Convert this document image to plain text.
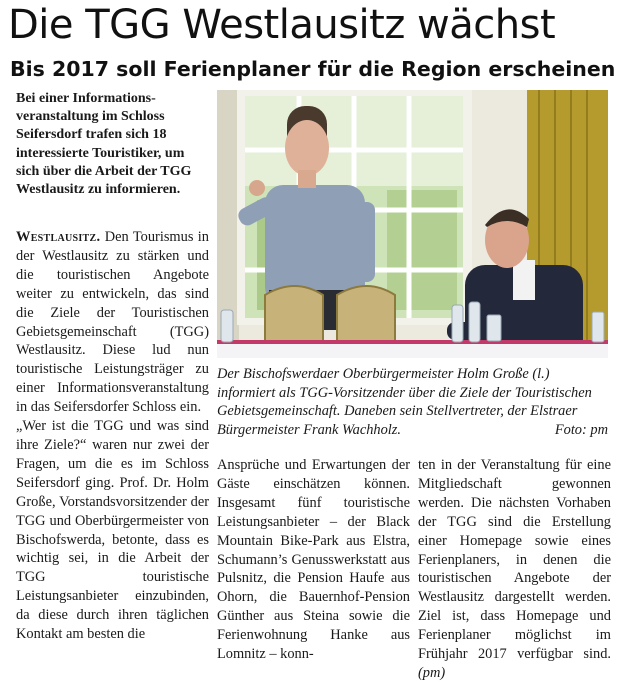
Die TGG Westlausitz wächst
Bis 2017 soll Ferienplaner für die Region erscheinen
Bei einer Informationsveranstaltung im Schloss Seifersdorf trafen sich 18 interessierte Touristiker, um sich über die Arbeit der TGG Westlausitz zu informieren.

Westlausitz. Den Tourismus in der Westlausitz zu stärken und die touristischen Angebote weiter zu entwickeln, das sind die Ziele der Touristischen Gebietsgemeinschaft (TGG) Westlausitz. Diese lud nun touristische Leistungsträger zu einer Informationsveranstaltung in das Seifersdorfer Schloss ein.

„Wer ist die TGG und was sind ihre Ziele?“ waren nur zwei der Fragen, um die es im Schloss Seifersdorf ging. Prof. Dr. Holm Große, Vorstandsvorsitzender der TGG und Oberbürgermeister von Bischofswerda, betonte, dass es wichtig sei, in die Arbeit der TGG touristische Leistungsanbieter einzubinden, da diese durch ihren täglichen Kontakt am besten die

Der Bischofswerdaer Oberbürgermeister Holm Große (l.) informiert als TGG-Vorsitzender über die Ziele der Touristischen Gebietsgemeinschaft. Daneben sein Stellvertreter, der Elstraer Bürgermeister Frank Wachholz.	Foto: pm

Ansprüche und Erwartungen der Gäste einschätzen können. Insgesamt fünf touristische Leistungsanbieter – der Black Mountain Bike-Park aus Elstra, Schumann’s Genusswerkstatt aus Pulsnitz, die Pension Haufe aus Ohorn, die Bauernhof-Pension Günther aus Steina sowie die Ferienwohnung Hanke aus Lomnitz – konn-

ten in der Veranstaltung für eine Mitgliedschaft gewonnen werden. Die nächsten Vorhaben der TGG sind die Erstellung einer Homepage sowie eines Ferienplaners, in denen die touristischen Angebote der Westlausitz dargestellt werden. Ziel ist, dass Homepage und Ferienplaner möglichst im Frühjahr 2017 verfügbar sind. (pm)
